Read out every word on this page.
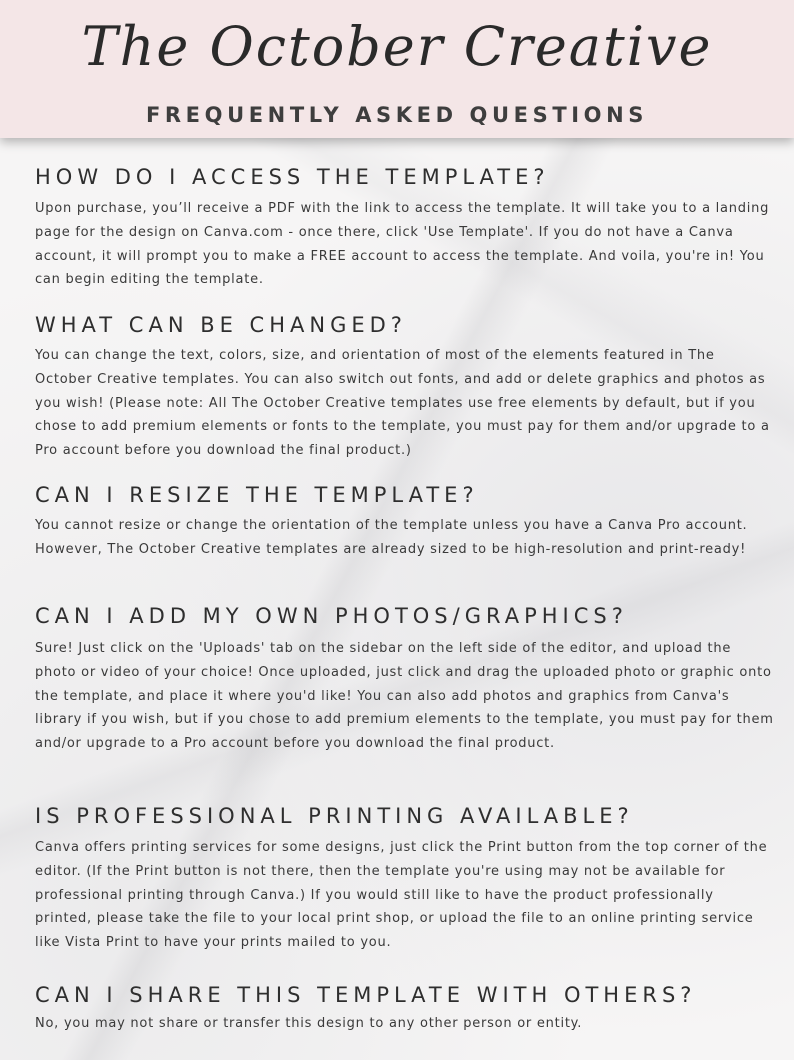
The October Creative
FREQUENTLY ASKED QUESTIONS
HOW DO I ACCESS THE TEMPLATE?

Upon purchase, you’ll receive a PDF with the link to access the template. It will take you to a landing page for the design on Canva.com - once there, click 'Use Template'. If you do not have a Canva account, it will prompt you to make a FREE account to access the template. And voila, you're in! You can begin editing the template.

WHAT CAN BE CHANGED?

You can change the text, colors, size, and orientation of most of the elements featured in The October Creative templates. You can also switch out fonts, and add or delete graphics and photos as you wish! (Please note: All The October Creative templates use free elements by default, but if you chose to add premium elements or fonts to the template, you must pay for them and/or upgrade to a Pro account before you download the final product.)

CAN I RESIZE THE TEMPLATE?

You cannot resize or change the orientation of the template unless you have a Canva Pro account. However, The October Creative templates are already sized to be high-resolution and print-ready!

CAN I ADD MY OWN PHOTOS/GRAPHICS?

Sure! Just click on the 'Uploads' tab on the sidebar on the left side of the editor, and upload the photo or video of your choice! Once uploaded, just click and drag the uploaded photo or graphic onto the template, and place it where you'd like! You can also add photos and graphics from Canva's library if you wish, but if you chose to add premium elements to the template, you must pay for them and/or upgrade to a Pro account before you download the final product.

IS PROFESSIONAL PRINTING AVAILABLE?

Canva offers printing services for some designs, just click the Print button from the top corner of the editor. (If the Print button is not there, then the template you're using may not be available for professional printing through Canva.) If you would still like to have the product professionally printed, please take the file to your local print shop, or upload the file to an online printing service like Vista Print to have your prints mailed to you.

CAN I SHARE THIS TEMPLATE WITH OTHERS?

No, you may not share or transfer this design to any other person or entity.
